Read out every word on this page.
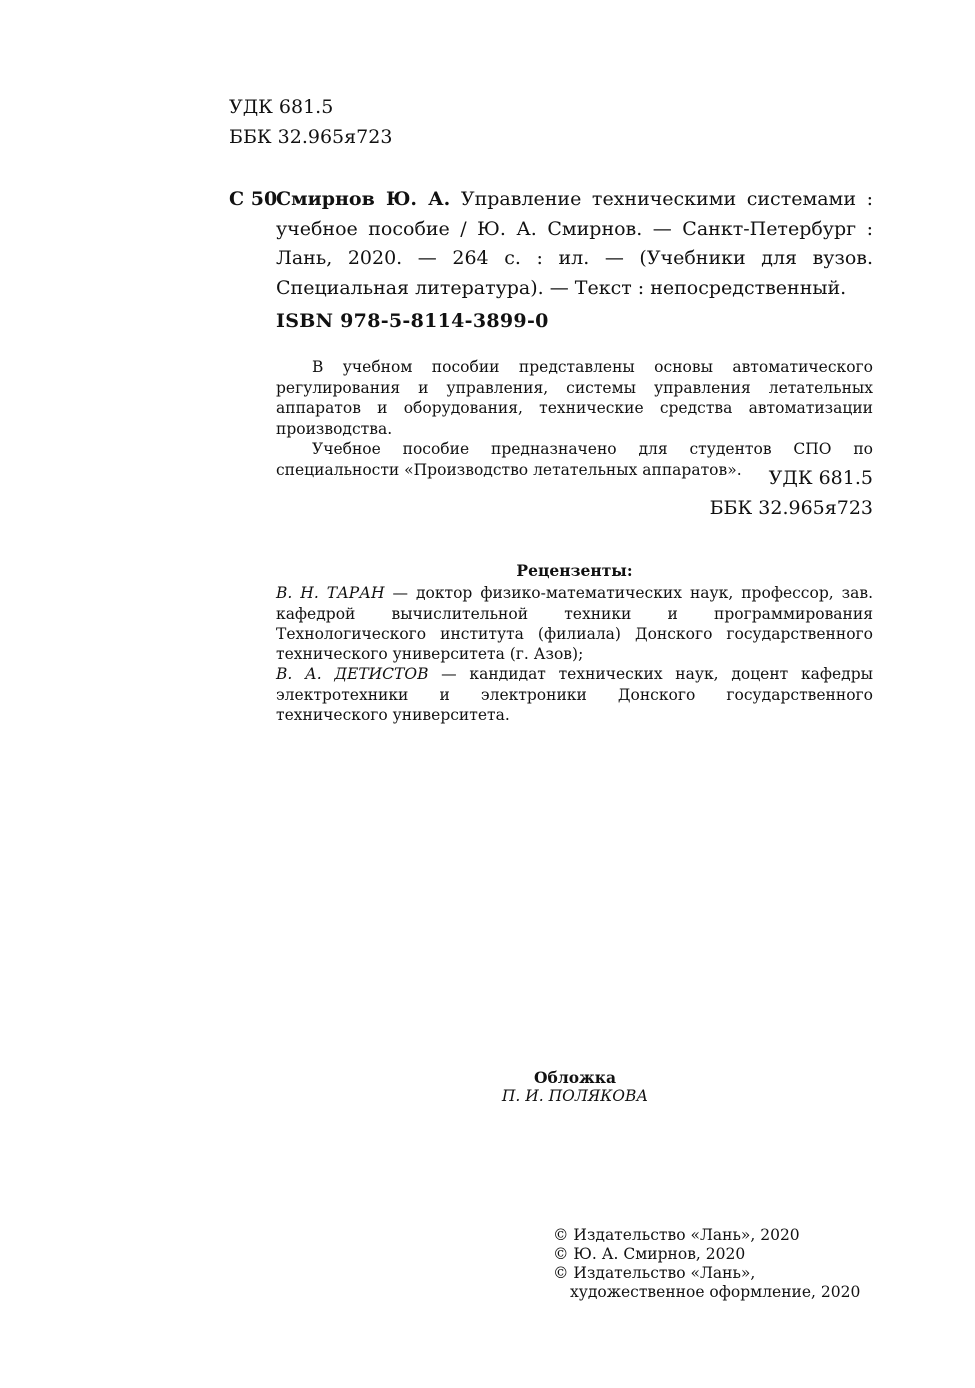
УДК 681.5
ББК 32.965я723
С 50
Смирнов Ю. А. Управление техническими системами : учебное пособие / Ю. А. Смирнов. — Санкт-Петербург : Лань, 2020. — 264 с. : ил. — (Учебники для вузов. Специальная литература). — Текст : непосредственный.
ISBN 978-5-8114-3899-0

В учебном пособии представлены основы автоматического регулирования и управления, системы управления летательных аппаратов и оборудования, технические средства автоматизации производства.

Учебное пособие предназначено для студентов СПО по специальности «Производство летательных аппаратов».	УДК 681.5
ББК 32.965я723
Рецензенты:

В. Н. ТАРАН — доктор физико-математических наук, профессор, зав. кафедрой вычислительной техники и программирования Технологического института (филиала) Донского государственного технического университета (г. Азов);

В. А. ДЕТИСТОВ — кандидат технических наук, доцент кафедры электротехники и электроники Донского государственного технического университета.

Обложка
П. И. ПОЛЯКОВА
© Издательство «Лань», 2020
© Ю. А. Смирнов, 2020
© Издательство «Лань»,
художественное оформление, 2020
